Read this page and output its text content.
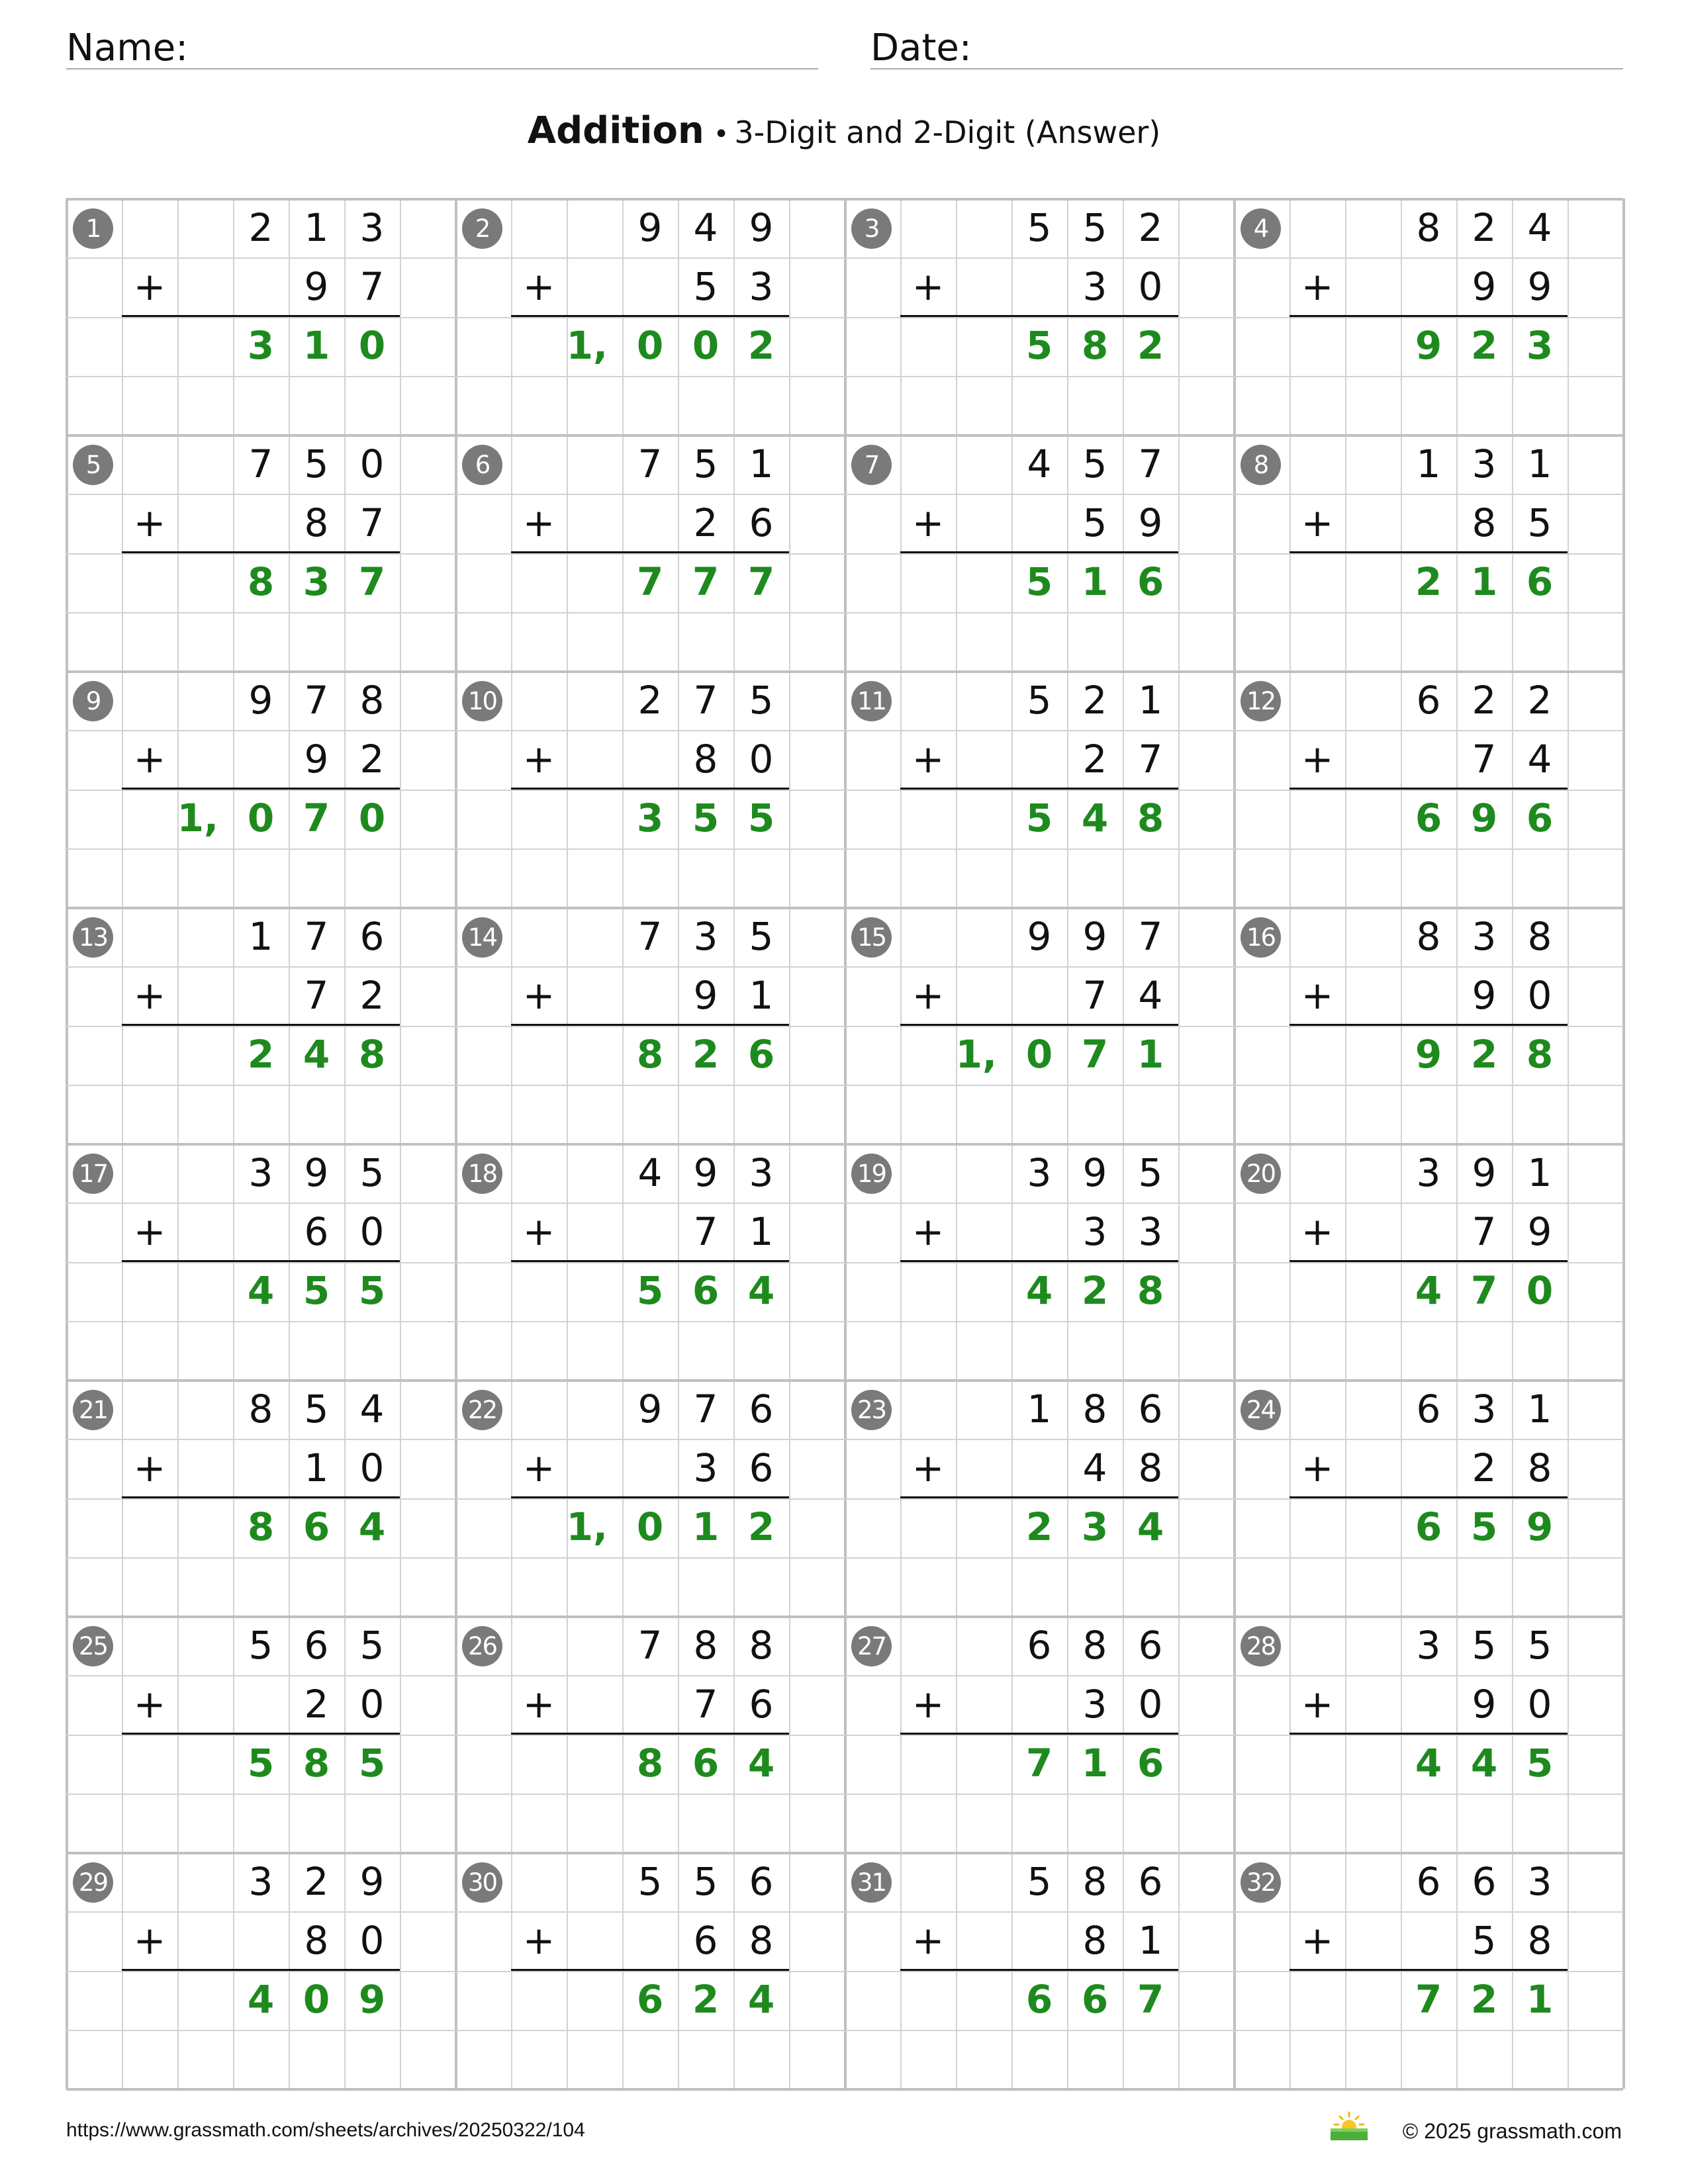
Name:	Date:
Addition • 3-Digit and 2-Digit (Answer)
1	2 1 3
9 7
3 1 0
+
2	9 4 9
5 3
1, 0 0 2
+
3	5 5 2
3 0
5 8 2
+
4	8 2 4
9 9
9 2 3
+
5	7 5 0
8 7
8 3 7
+
6	7 5 1
2 6
7 7 7
+
7	4 5 7
5 9
5 1 6
+
8	1 3 1
8 5
2 1 6
+
9	9 7 8
9 2
1, 0 7 0
+
10	2 7 5
8 0
3 5 5
+
11	5 2 1
2 7
5 4 8
+
12	6 2 2
7 4
6 9 6
+
13	1 7 6
7 2
2 4 8
+
14	7 3 5
9 1
8 2 6
+
15	9 9 7
7 4
1, 0 7 1
+
16	8 3 8
9 0
9 2 8
+
17	3 9 5
6 0
4 5 5
+
18	4 9 3
7 1
5 6 4
+
19	3 9 5
3 3
4 2 8
+
20	3 9 1
7 9
4 7 0
+
21	8 5 4
1 0
8 6 4
+
22	9 7 6
3 6
1, 0 1 2
+
23	1 8 6
4 8
2 3 4
+
24	6 3 1
2 8
6 5 9
+
25	5 6 5
2 0
5 8 5
+
26	7 8 8
7 6
8 6 4
+
27	6 8 6
3 0
7 1 6
+
28	3 5 5
9 0
4 4 5
+
29	3 2 9
8 0
4 0 9
+
30	5 5 6
6 8
6 2 4
+
31	5 8 6
8 1
6 6 7
+
32	6 6 3
5 8
7 2 1
+
https://www.grassmath.com/sheets/archives/20250322/104	© 2025 grassmath.com
